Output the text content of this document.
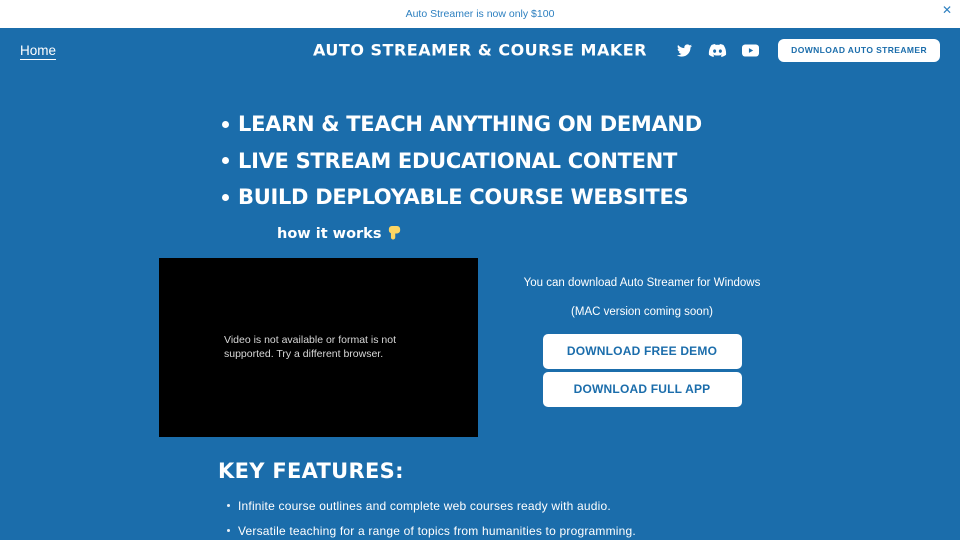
Auto Streamer is now only $100	✕
Home	AUTO STREAMER & COURSE MAKER	DOWNLOAD AUTO STREAMER
LEARN & TEACH ANYTHING ON DEMAND
LIVE STREAM EDUCATIONAL CONTENT
BUILD DEPLOYABLE COURSE WEBSITES
how it works
Video is not available or format is not supported. Try a different browser.
You can download Auto Streamer for Windows
(MAC version coming soon)
DOWNLOAD FREE DEMO
DOWNLOAD FULL APP
KEY FEATURES:
Infinite course outlines and complete web courses ready with audio.
Versatile teaching for a range of topics from humanities to programming.
